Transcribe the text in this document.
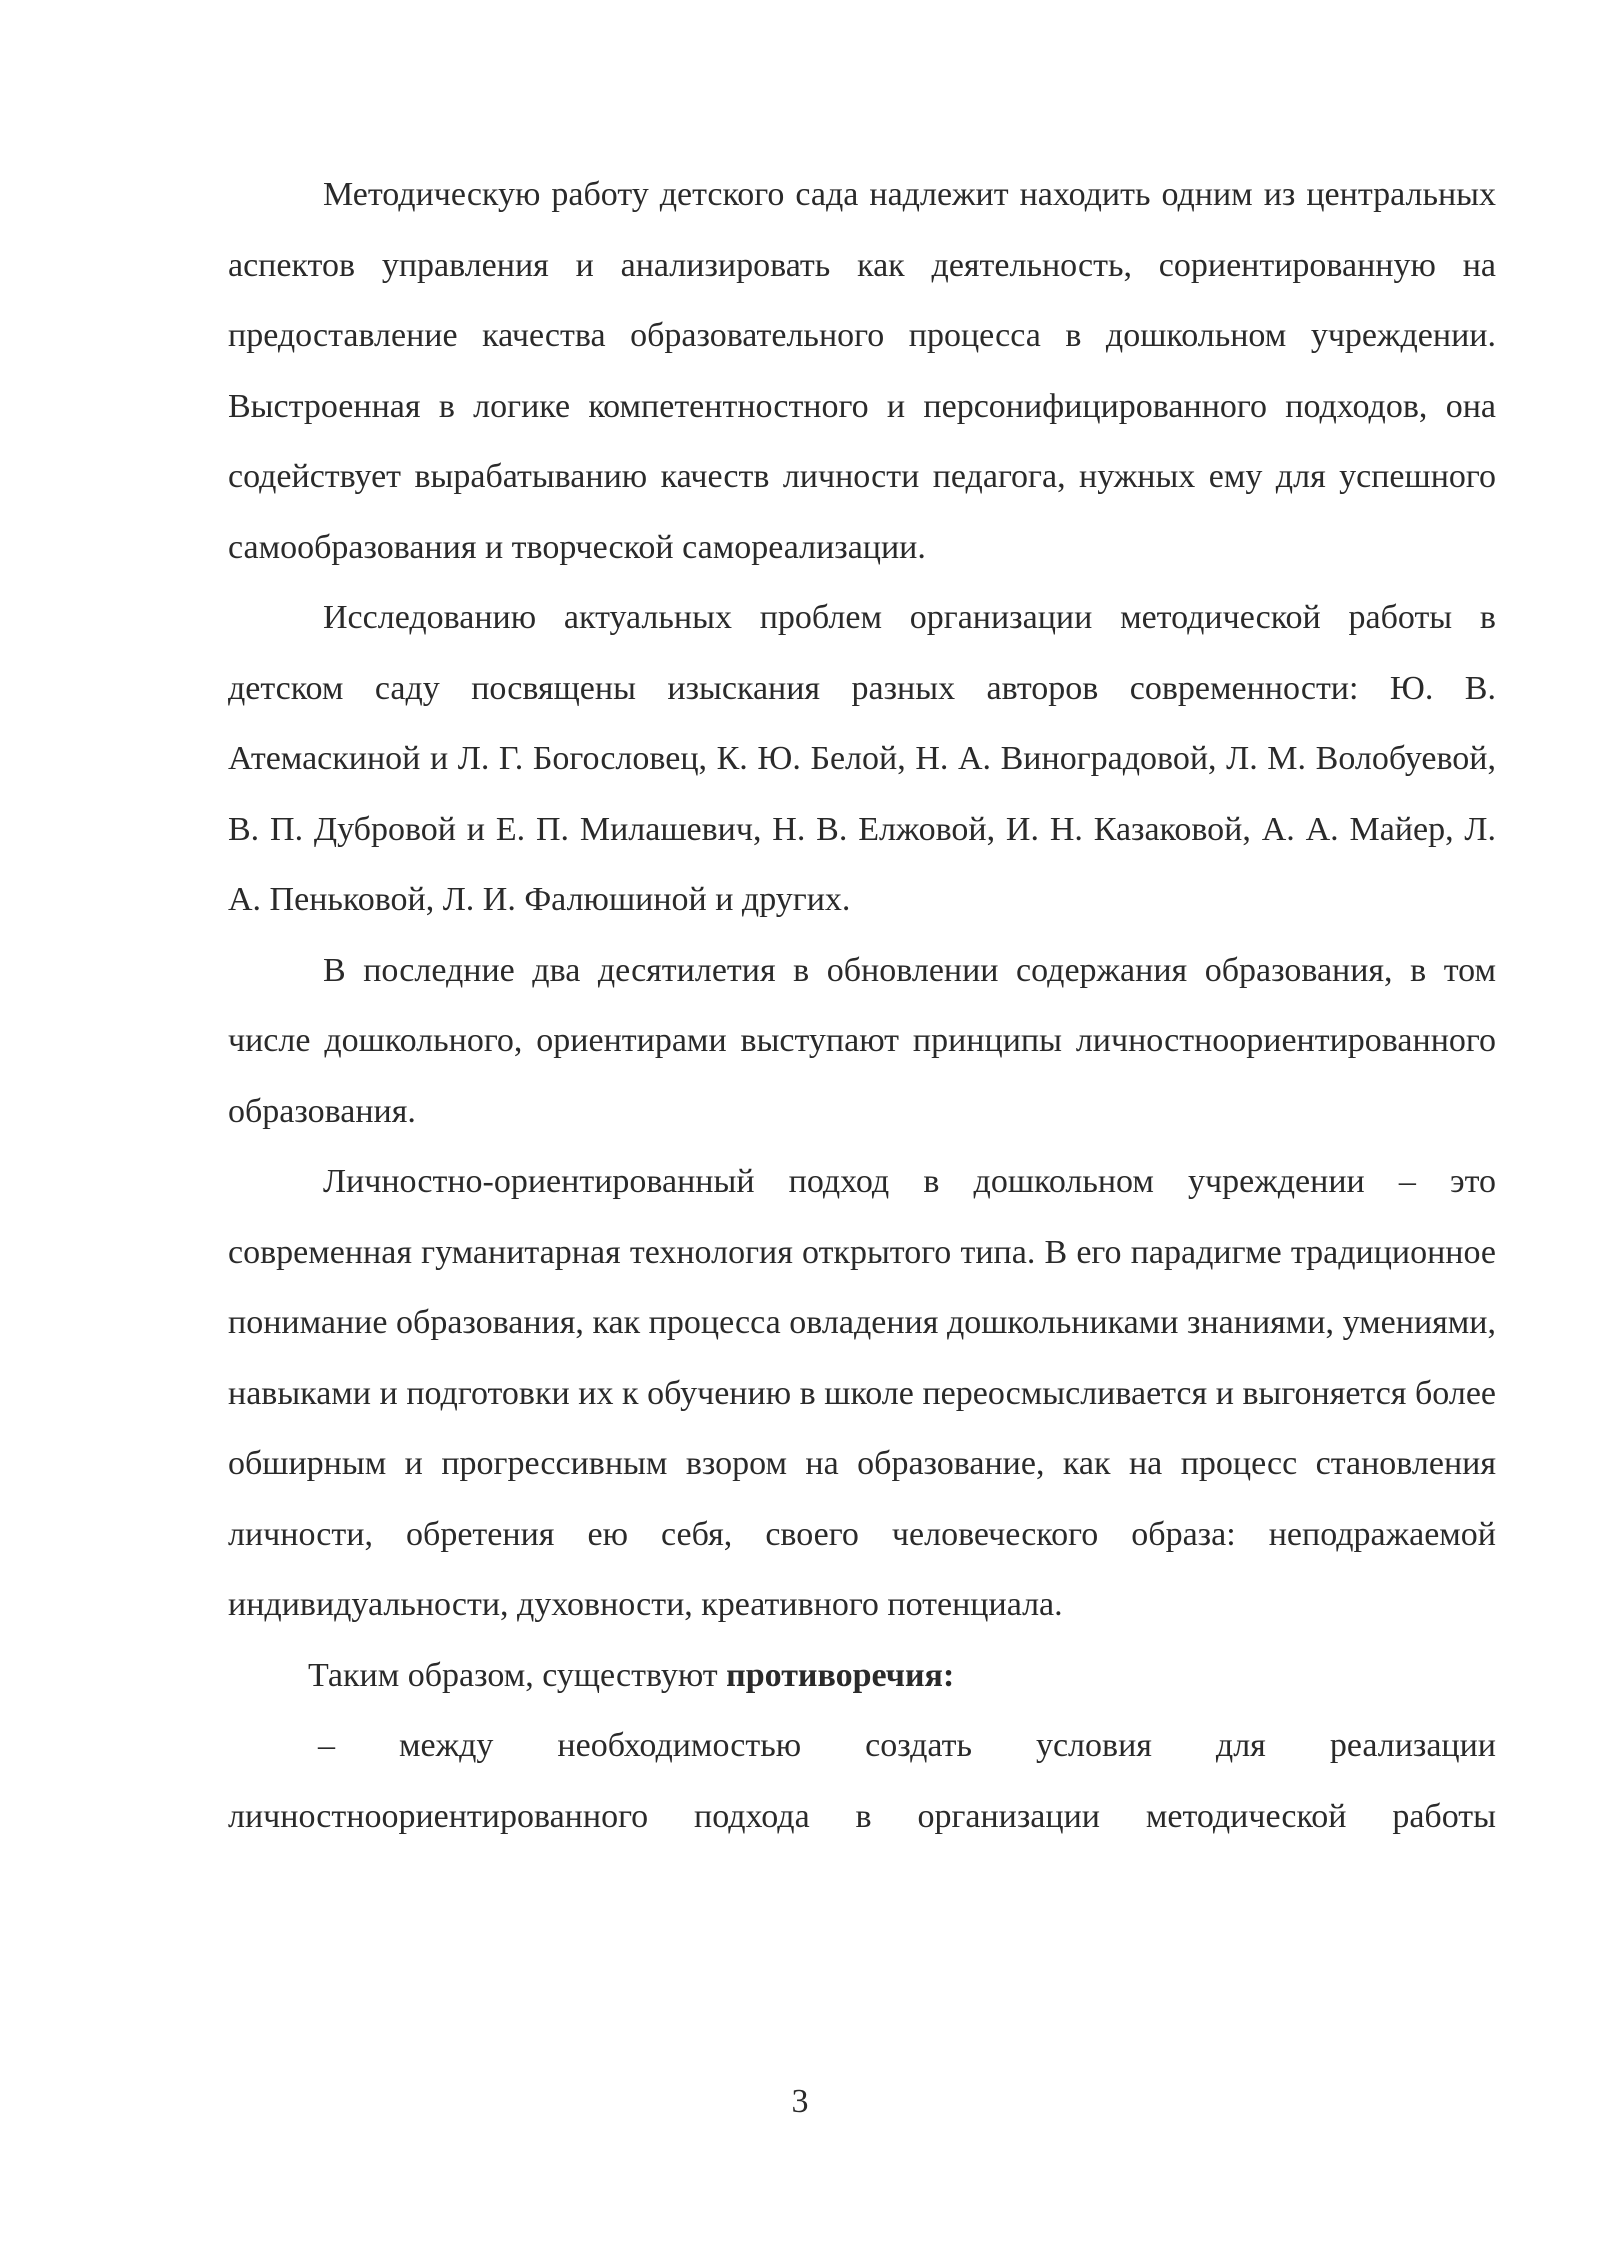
Методическую работу детского сада надлежит находить одним из центральных аспектов управления и анализировать как деятельность, сориентированную на предоставление качества образовательного процесса в дошкольном учреждении. Выстроенная в логике компетентностного и персонифицированного подходов, она содействует вырабатыванию качеств личности педагога, нужных ему для успешного самообразования и творческой самореализации.

Исследованию актуальных проблем организации методической работы в детском саду посвящены изыскания разных авторов современности: Ю. В. Атемаскиной и Л. Г. Богословец, К. Ю. Белой, Н. А. Виноградовой, Л. М. Волобуевой, В. П. Дубровой и Е. П. Милашевич, Н. В. Елжовой, И. Н. Казаковой, А. А. Майер, Л. А. Пеньковой, Л. И. Фалюшиной и других.

В последние два десятилетия в обновлении содержания образования, в том числе дошкольного, ориентирами выступают принципы личностноориентированного образования.

Личностно-ориентированный подход в дошкольном учреждении – это современная гуманитарная технология открытого типа. В его парадигме традиционное понимание образования, как процесса овладения дошкольниками знаниями, умениями, навыками и подготовки их к обучению в школе переосмысливается и выгоняется более обширным и прогрессивным взором на образование, как на процесс становления личности, обретения ею себя, своего человеческого образа: неподражаемой индивидуальности, духовности, креативного потенциала.

Таким образом, существуют противоречия:

– между необходимостью создать условия для реализации личностноориентированного подхода в организации методической работы

3
